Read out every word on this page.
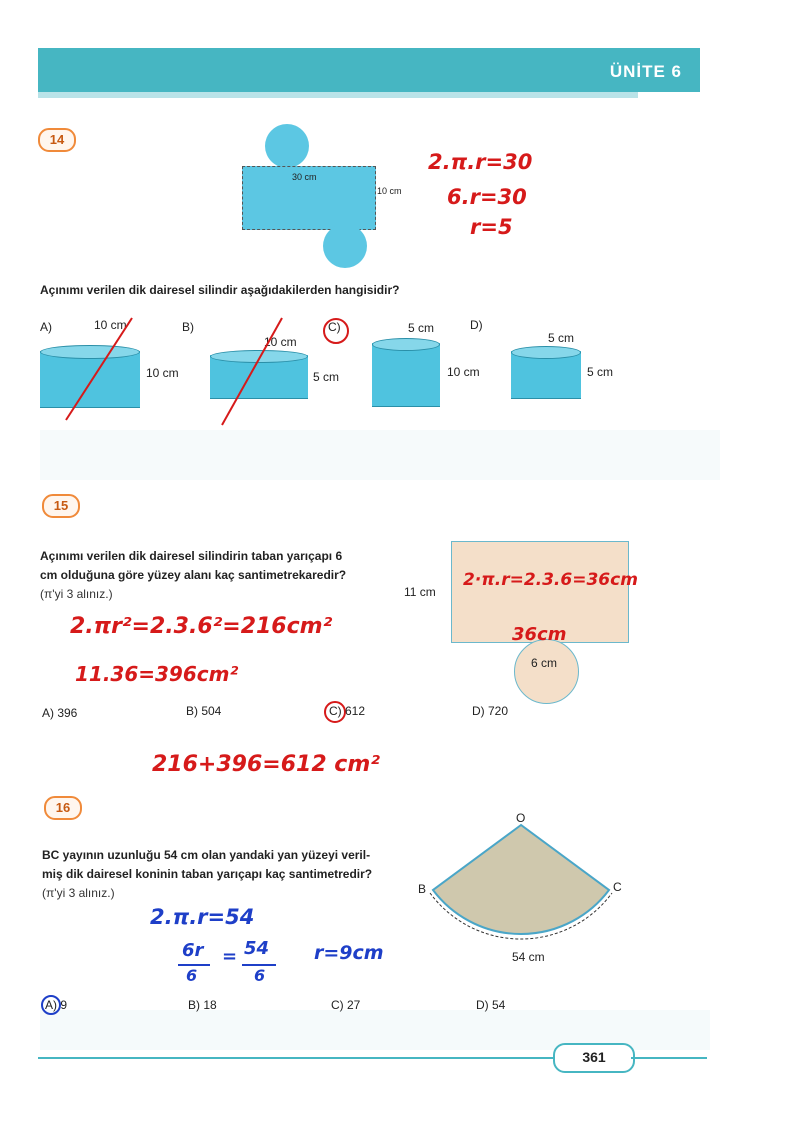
ÜNİTE 6
14
30 cm
10 cm
2.π.r=30
6.r=30
r=5
Açınımı verilen dik dairesel silindir aşağıdakilerden hangisidir?
A)	10 cm
10 cm
B)
10 cm
5 cm
C)	5 cm
10 cm
D)
5 cm
5 cm
15
Açınımı verilen dik dairesel silindirin taban yarıçapı 6
cm olduğuna göre yüzey alanı kaç santimetrekaredir?
(π'yi 3 alınız.)	11 cm
6 cm
2·π.r=2.3.6=36cm
36cm
2.πr²=2.3.6²=216cm²
11.36=396cm²
A) 396	B) 504	C) 612	D) 720
216+396=612 cm²
16
BC yayının uzunluğu 54 cm olan yandaki yan yüzeyi veril-
miş dik dairesel koninin taban yarıçapı kaç santimetredir?
(π'yi 3 alınız.)
O
B	C
54 cm
2.π.r=54
6r
6
= 54
6
r=9cm
A) 9	B) 18	C) 27	D) 54
361
